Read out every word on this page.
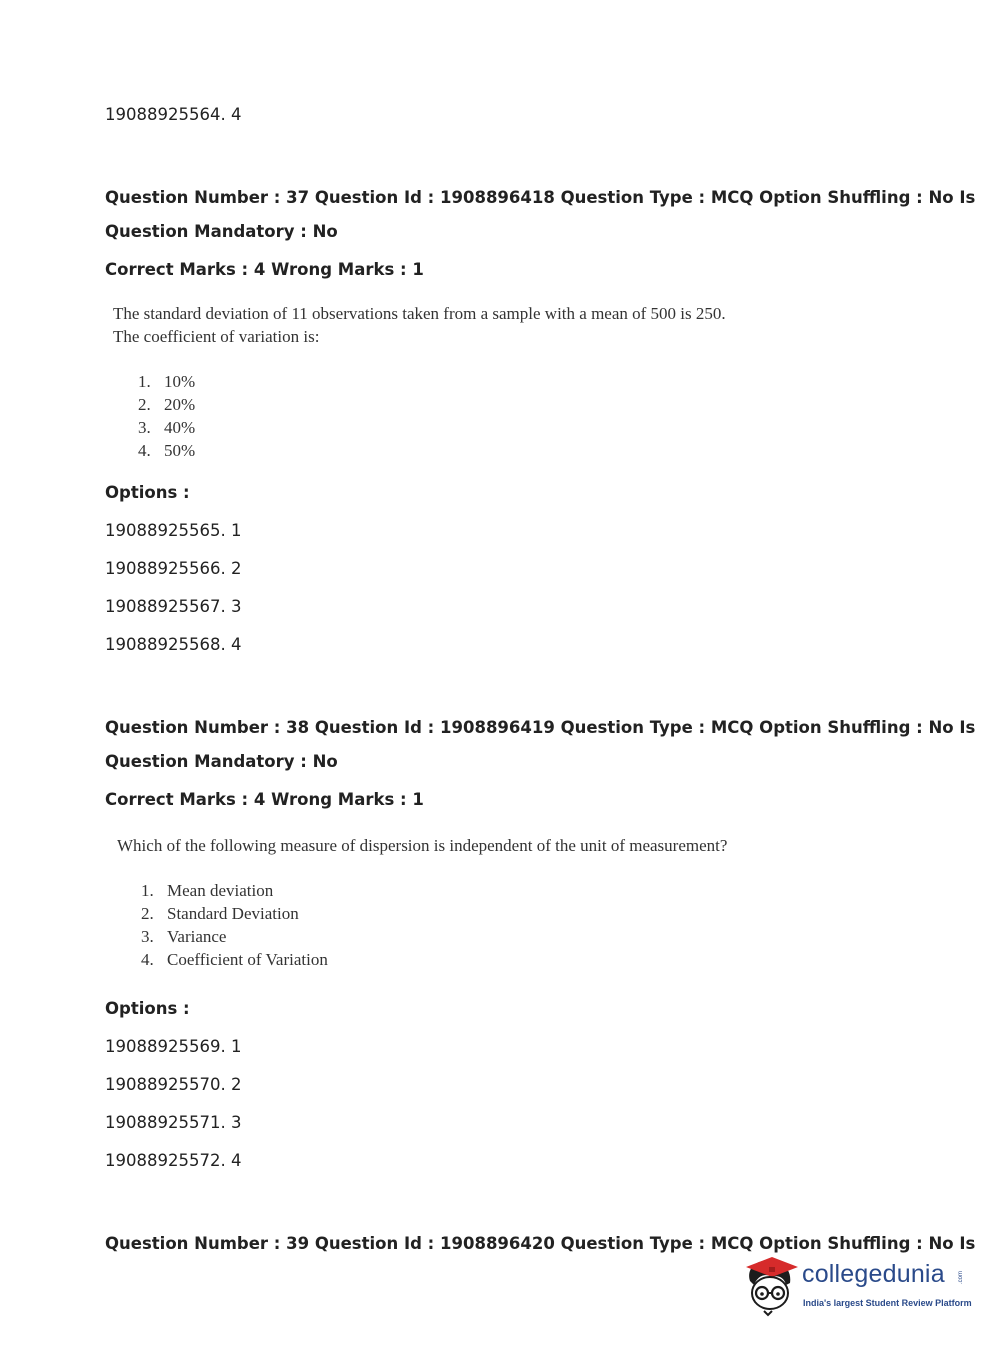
19088925564. 4
Question Number : 37 Question Id : 1908896418 Question Type : MCQ Option Shuffling : No Is
Question Mandatory : No
Correct Marks : 4 Wrong Marks : 1
The standard deviation of 11 observations taken from a sample with a mean of 500 is 250.
The coefficient of variation is:
1. 10%
2. 20%
3. 40%
4. 50%
Options :
19088925565. 1
19088925566. 2
19088925567. 3
19088925568. 4
Question Number : 38 Question Id : 1908896419 Question Type : MCQ Option Shuffling : No Is
Question Mandatory : No
Correct Marks : 4 Wrong Marks : 1
Which of the following measure of dispersion is independent of the unit of measurement?
1. Mean deviation
2. Standard Deviation
3. Variance
4. Coefficient of Variation
Options :
19088925569. 1
19088925570. 2
19088925571. 3
19088925572. 4
Question Number : 39 Question Id : 1908896420 Question Type : MCQ Option Shuffling : No Is
collegedunia .com
India's largest Student Review Platform
